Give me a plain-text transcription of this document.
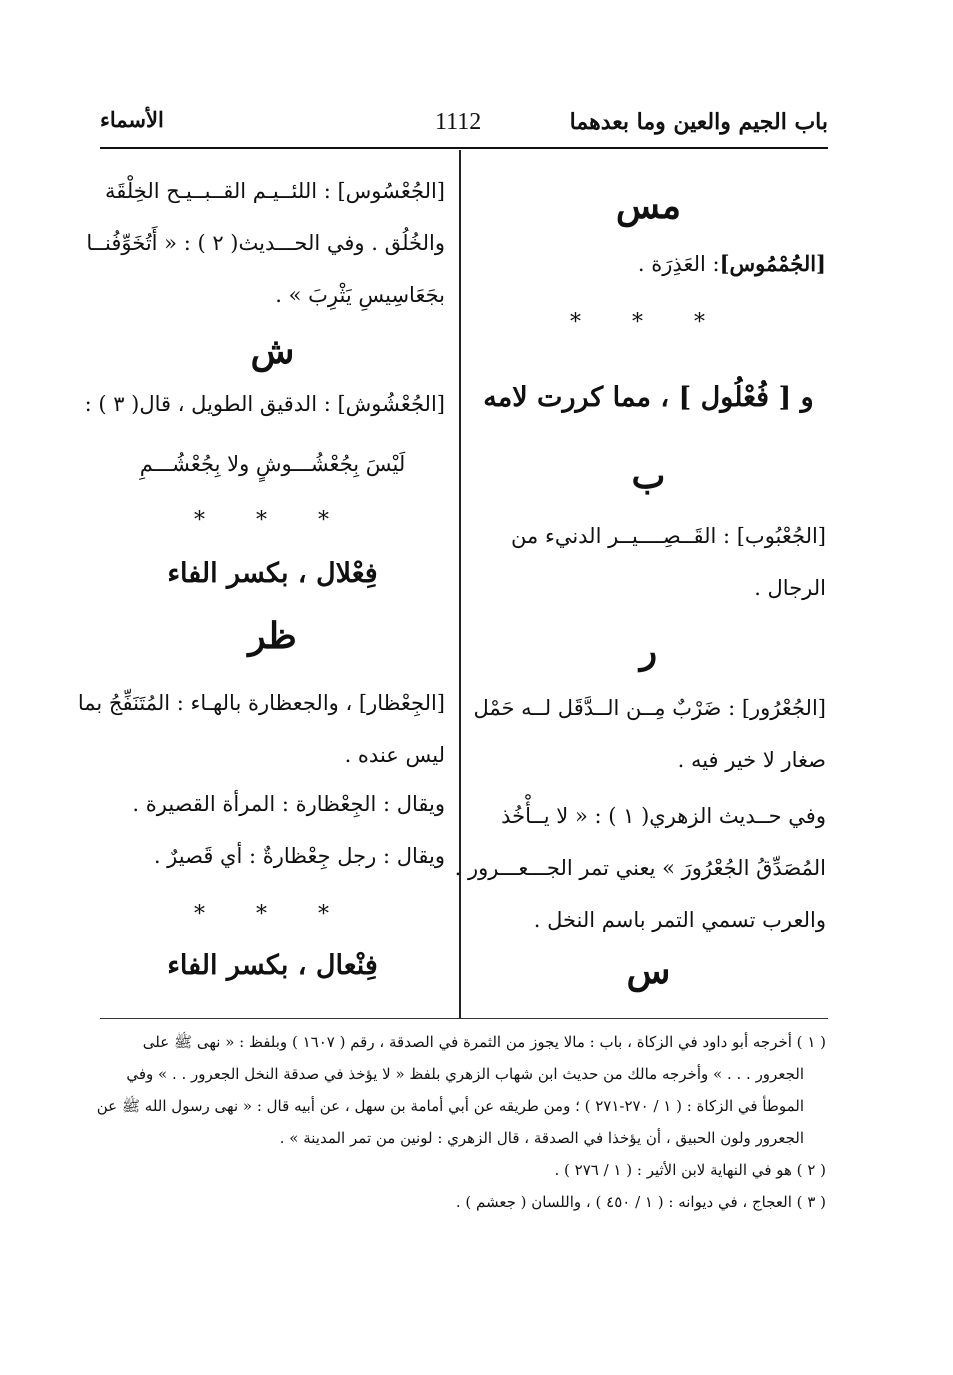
باب الجيم والعين وما بعدهما
1112
الأسماء
مس
[الجُمْمُوس]: العَذِرَة .
* * *
و [ فُعْلُول ] ، مما كررت لامه
ب
[الجُعْبُوب] : القَــصِــــيــر الدنيء من
الرجال .
ر
[الجُعْرُور] : ضَرْبٌ مِــن الــدَّقَل لــه حَمْل
صغار لا خير فيه .
وفي حــديث الزهري( ١ ) : « لا يــأْخُذ
المُصَدِّقُ الجُعْرُورَ » يعني تمر الجـــعـــرور .
والعرب تسمي التمر باسم النخل .
س
[الجُعْسُوس] : اللئــيـم القــبــيـح الخِلْقَة
والخُلُق . وفي الحـــديث( ٢ ) : « أَتُخَوِّفُنــا
بجَعَاسِيسِ يَثْرِبَ » .
ش
[الجُعْشُوش] : الدقيق الطويل ، قال( ٣ ) :
لَيْسَ بِجُعْشُـــوشٍ ولا بِجُعْشُـــمِ
* * *
فِعْلال ، بكسر الفاء
ظر
[الجِعْظار] ، والجعظارة بالهـاء : المُتَنَفِّجُ بما
ليس عنده .
ويقال : الجِعْظارة : المرأة القصيرة .
ويقال : رجل جِعْظارةٌ : أي قَصيرٌ .
* * *
فِنْعال ، بكسر الفاء
( ١ ) أخرجه أبو داود في الزكاة ، باب : مالا يجوز من الثمرة في الصدقة ، رقم ( ١٦٠٧ ) وبلفظ : « نهى ﷺ على
الجعرور . . . » وأخرجه مالك من حديث ابن شهاب الزهري بلفظ « لا يؤخذ في صدقة النخل الجعرور . . » وفي
الموطأ في الزكاة : ( ١ / ٢٧٠-٢٧١ ) ؛ ومن طريقه عن أبي أمامة بن سهل ، عن أبيه قال : « نهى رسول الله ﷺ عن
الجعرور ولون الحبيق ، أن يؤخذا في الصدقة ، قال الزهري : لونين من تمر المدينة » .
( ٢ ) هو في النهاية لابن الأثير : ( ١ / ٢٧٦ ) .
( ٣ ) العجاج ، في ديوانه : ( ١ / ٤٥٠ ) ، واللسان ( جعشم ) .
